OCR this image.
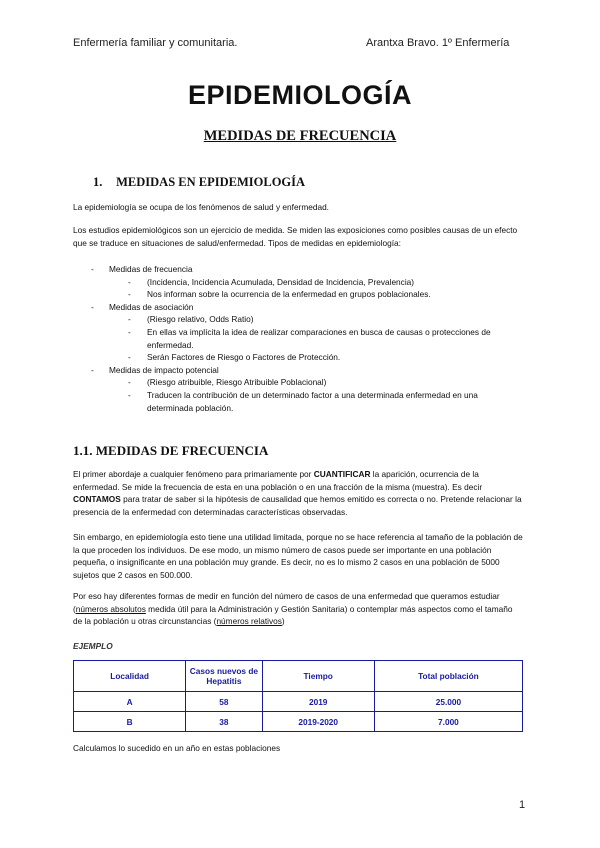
Enfermería familiar y comunitaria.	Arantxa Bravo. 1º Enfermería
EPIDEMIOLOGÍA
MEDIDAS DE FRECUENCIA
1. MEDIDAS EN EPIDEMIOLOGÍA
La epidemiología se ocupa de los fenómenos de salud y enfermedad.
Los estudios epidemiológicos son un ejercicio de medida. Se miden las exposiciones como posibles causas de un efecto que se traduce en situaciones de salud/enfermedad. Tipos de medidas en epidemiología:
- Medidas de frecuencia
- (Incidencia, Incidencia Acumulada, Densidad de Incidencia, Prevalencia)
- Nos informan sobre la ocurrencia de la enfermedad en grupos poblacionales.
- Medidas de asociación
- (Riesgo relativo, Odds Ratio)
- En ellas va implícita la idea de realizar comparaciones en busca de causas o protecciones de enfermedad.
- Serán Factores de Riesgo o Factores de Protección.
- Medidas de impacto potencial
- (Riesgo atribuible, Riesgo Atribuible Poblacional)
- Traducen la contribución de un determinado factor a una determinada enfermedad en una determinada población.
1.1. MEDIDAS DE FRECUENCIA
El primer abordaje a cualquier fenómeno para primariamente por CUANTIFICAR la aparición, ocurrencia de la enfermedad. Se mide la frecuencia de esta en una población o en una fracción de la misma (muestra). Es decir CONTAMOS para tratar de saber si la hipótesis de causalidad que hemos emitido es correcta o no. Pretende relacionar la presencia de la enfermedad con determinadas características observadas.
Sin embargo, en epidemiología esto tiene una utilidad limitada, porque no se hace referencia al tamaño de la población de la que proceden los individuos. De ese modo, un mismo número de casos puede ser importante en una población pequeña, o insignificante en una población muy grande. Es decir, no es lo mismo 2 casos en una población de 5000 sujetos que 2 casos en 500.000.
Por eso hay diferentes formas de medir en función del número de casos de una enfermedad que queramos estudiar (números absolutos medida útil para la Administración y Gestión Sanitaria) o contemplar más aspectos como el tamaño de la población u otras circunstancias (números relativos)
EJEMPLO
Localidad	Casos nuevos de Hepatitis	Tiempo	Total población
A	58	2019	25.000
B	38	2019-2020	7.000
Calculamos lo sucedido en un año en estas poblaciones
1
